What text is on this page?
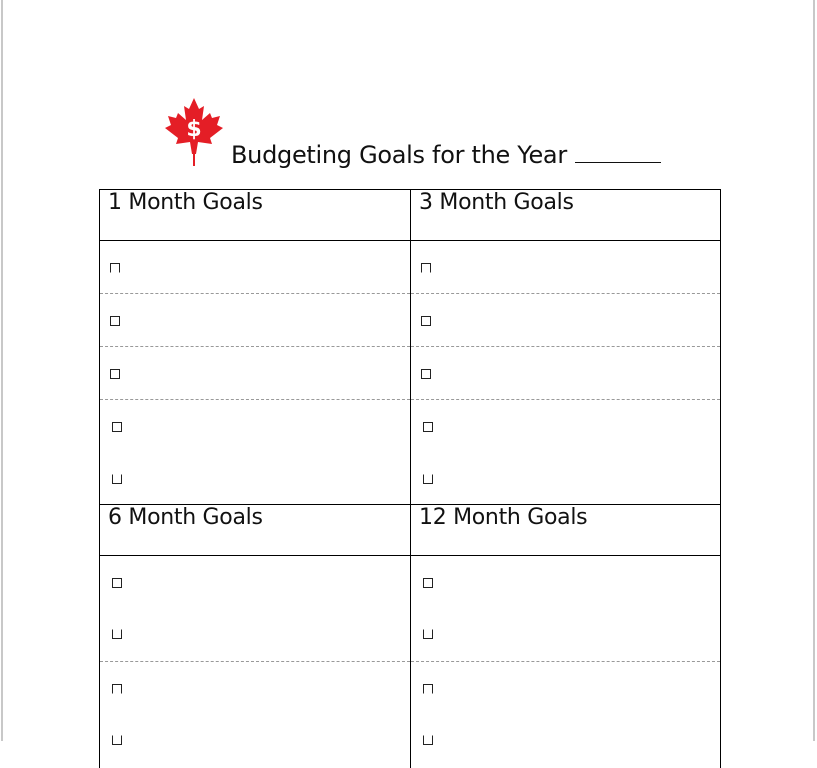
$
Budgeting Goals for the Year
1 Month Goals	3 Month Goals

6 Month Goals	12 Month Goals
